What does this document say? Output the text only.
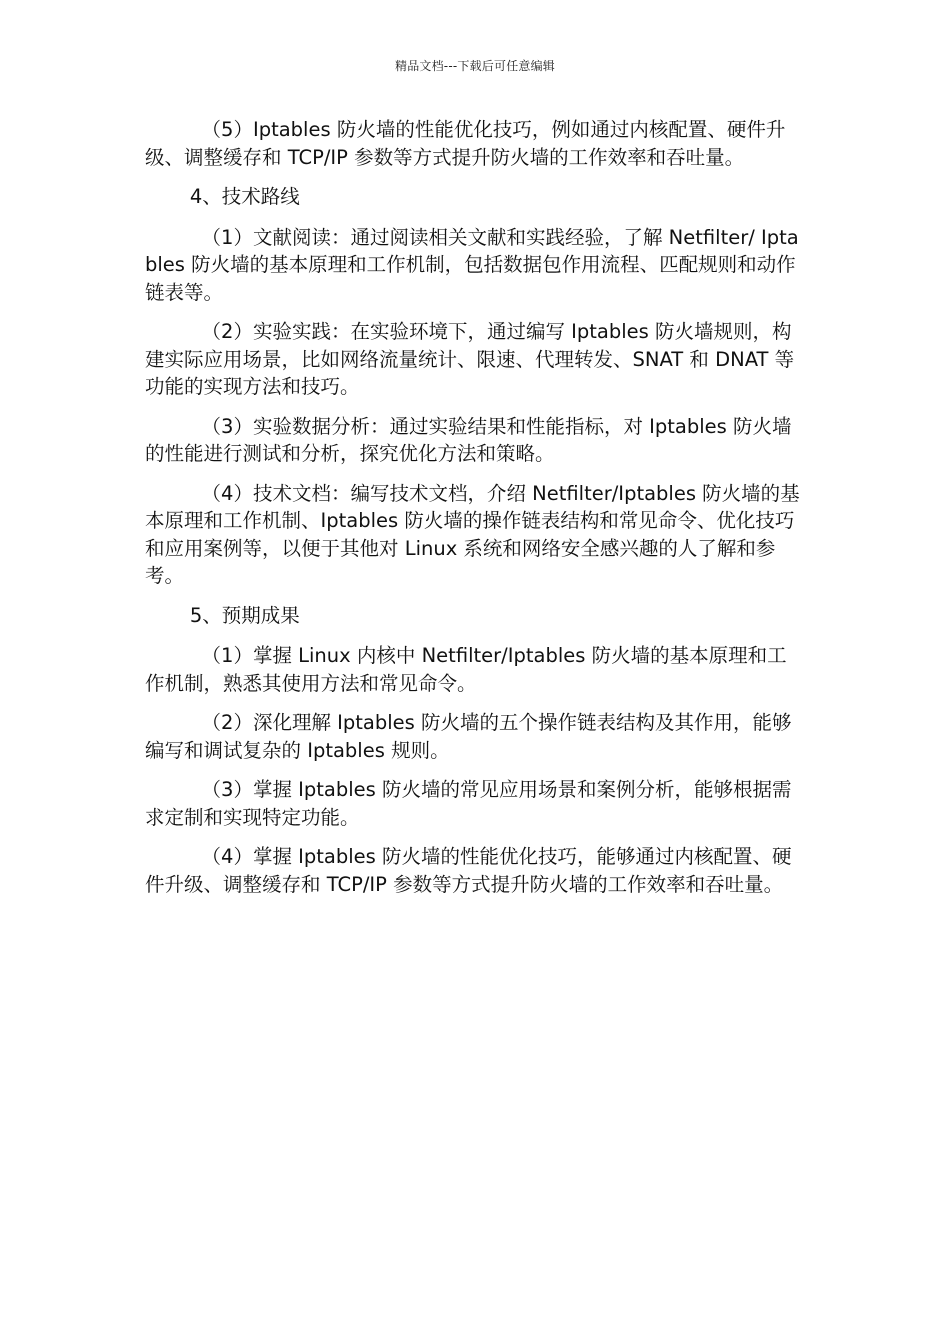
精品文档---下载后可任意编辑

（5）Iptables 防火墙的性能优化技巧，例如通过内核配置、硬件升级、调整缓存和 TCP/IP 参数等方式提升防火墙的工作效率和吞吐量。

4、技术路线

（1）文献阅读：通过阅读相关文献和实践经验，了解 Netfilter/ Iptables 防火墙的基本原理和工作机制，包括数据包作用流程、匹配规则和动作链表等。

（2）实验实践：在实验环境下，通过编写 Iptables 防火墙规则，构建实际应用场景，比如网络流量统计、限速、代理转发、SNAT 和 DNAT 等功能的实现方法和技巧。

（3）实验数据分析：通过实验结果和性能指标，对 Iptables 防火墙的性能进行测试和分析，探究优化方法和策略。

（4）技术文档：编写技术文档，介绍 Netfilter/Iptables 防火墙的基本原理和工作机制、Iptables 防火墙的操作链表结构和常见命令、优化技巧和应用案例等，以便于其他对 Linux 系统和网络安全感兴趣的人了解和参考。

5、预期成果

（1）掌握 Linux 内核中 Netfilter/Iptables 防火墙的基本原理和工作机制，熟悉其使用方法和常见命令。

（2）深化理解 Iptables 防火墙的五个操作链表结构及其作用，能够编写和调试复杂的 Iptables 规则。

（3）掌握 Iptables 防火墙的常见应用场景和案例分析，能够根据需求定制和实现特定功能。

（4）掌握 Iptables 防火墙的性能优化技巧，能够通过内核配置、硬件升级、调整缓存和 TCP/IP 参数等方式提升防火墙的工作效率和吞吐量。
